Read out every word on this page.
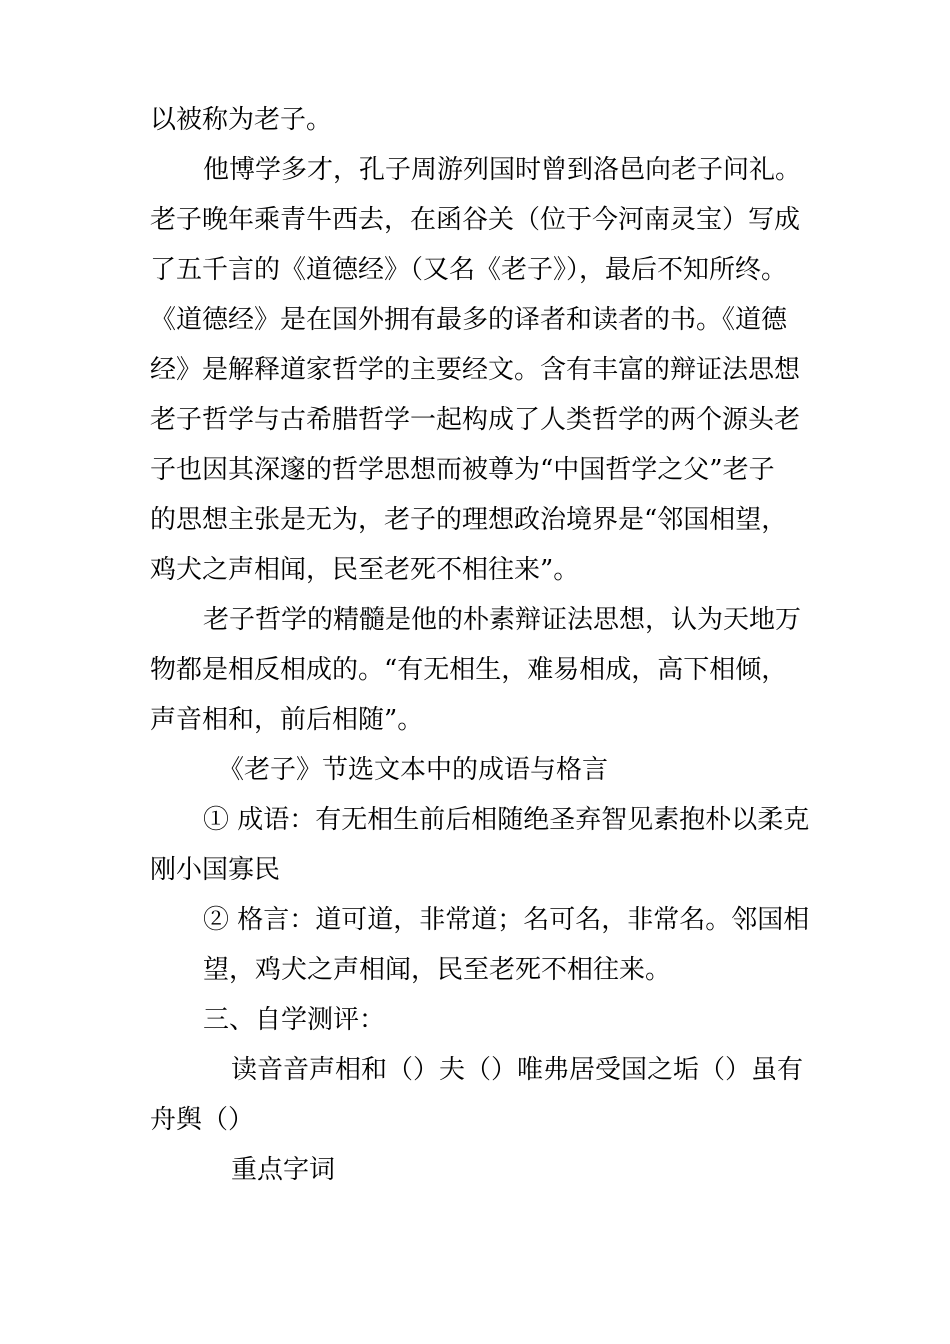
以被称为老子。
他博学多才，孔子周游列国时曾到洛邑向老子问礼。
老子晚年乘青牛西去，在函谷关（位于今河南灵宝）写成
了五千言的《道德经》（又名《老子》），最后不知所终。
《道德经》是在国外拥有最多的译者和读者的书。《道德
经》是解释道家哲学的主要经文。含有丰富的辩证法思想
老子哲学与古希腊哲学一起构成了人类哲学的两个源头老
子也因其深邃的哲学思想而被尊为“中国哲学之父”老子
的思想主张是无为，老子的理想政治境界是“邻国相望，
鸡犬之声相闻，民至老死不相往来”。
老子哲学的精髓是他的朴素辩证法思想，认为天地万
物都是相反相成的。“有无相生，难易相成，高下相倾，
声音相和，前后相随”。
《老子》节选文本中的成语与格言
① 成语：有无相生前后相随绝圣弃智见素抱朴以柔克
刚小国寡民
② 格言：道可道，非常道；名可名，非常名。邻国相
望，鸡犬之声相闻，民至老死不相往来。
三、自学测评：
读音音声相和（）夫（）唯弗居受国之垢（）虽有
舟舆（）
重点字词
